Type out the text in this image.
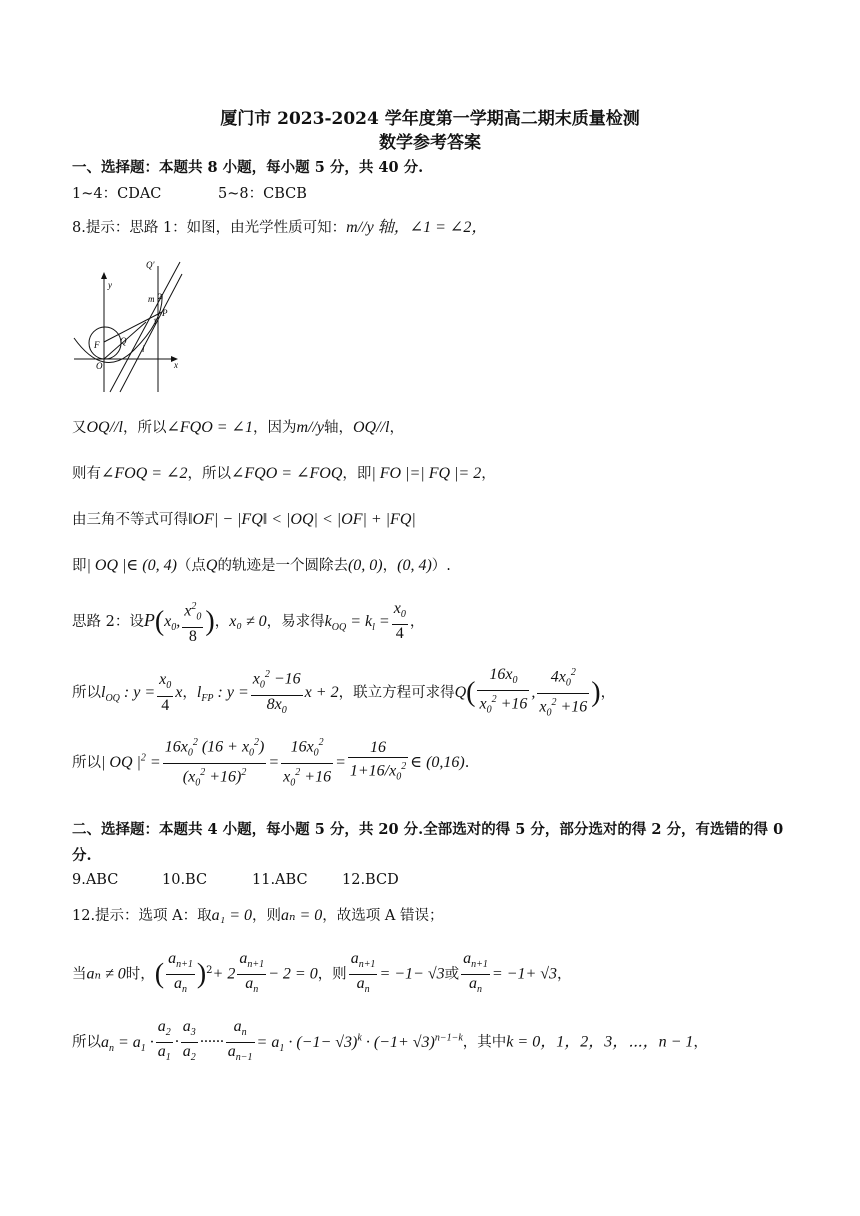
厦门市 2023-2024 学年度第一学期高二期末质量检测
数学参考答案
一、选择题：本题共 8 小题，每小题 5 分，共 40 分.
1~4：CDAC	5~8：CBCB
8.提示：思路 1：如图，由光学性质可知：m//y 轴，∠1 = ∠2，
Q'
y
m 2
1
P
F Q
l
O	x
又OQ//l，所以∠FQO = ∠1，因为m//y轴，OQ//l，
则有∠FOQ = ∠2，所以∠FQO = ∠FOQ，即| FO |=| FQ |= 2，
由三角不等式可得‖OF| − |FQ‖ < |OQ| < |OF| + |FQ|
即| OQ |∈ (0, 4)（点Q的轨迹是一个圆除去(0, 0)，(0, 4)）.
思路 2：设$P(x_0$, $\frac{x^2_0}{8}$ )，x₀ ≠ 0，易求得$k_{OQ} = k_l = \frac{x_0}{4}$ ，
所以$l_{OQ}$ : $y = \frac{x_0}{4}$ x，$l_{FP}$ : $y = \frac{x_0^2 -16}{8x_0}$ x + 2，联立方程可求得$Q( \frac{16x_0}{x_0^2 +16}$ , $\frac{4x_0^2}{x_0^2 +16}$ )，
所以| OQ $|^2 = \frac{16x_0^2 (16 + x_0^2)}{(x_0^2 +16)^2} = \frac{16x_0^2}{x_0^2 +16} = \frac{16}{1+16/x_0^2}$ ∈ (0,16).
二、选择题：本题共 4 小题，每小题 5 分，共 20 分.全部选对的得 5 分，部分选对的得 2 分，有选错的得 0
分.
9.ABC	10.BC	11.ABC 12.BCD
12.提示：选项 A：取a₁ = 0，则aₙ = 0，故选项 A 错误；
当aₙ ≠ 0时，( $\frac{a_{n+1}}{a_n} )^2+ 2 \frac{a_{n+1}}{a_n} - 2 = 0$，则 $\frac{a_{n+1}}{a_n} = -1- √3$或 $\frac{a_{n+1}}{a_n} = -1+ √3$，
所以$a_n = a_1 \cdot \frac{a_2}{a_1} \cdot \frac{a_3}{a_2}$ ······ $\frac{a_n}{a_{n-1}} = a_1 \cdot (-1- √3)^k \cdot (-1+ √3)^{n-1-k}$，其中k = 0，1，2，3，⋯，n − 1，
